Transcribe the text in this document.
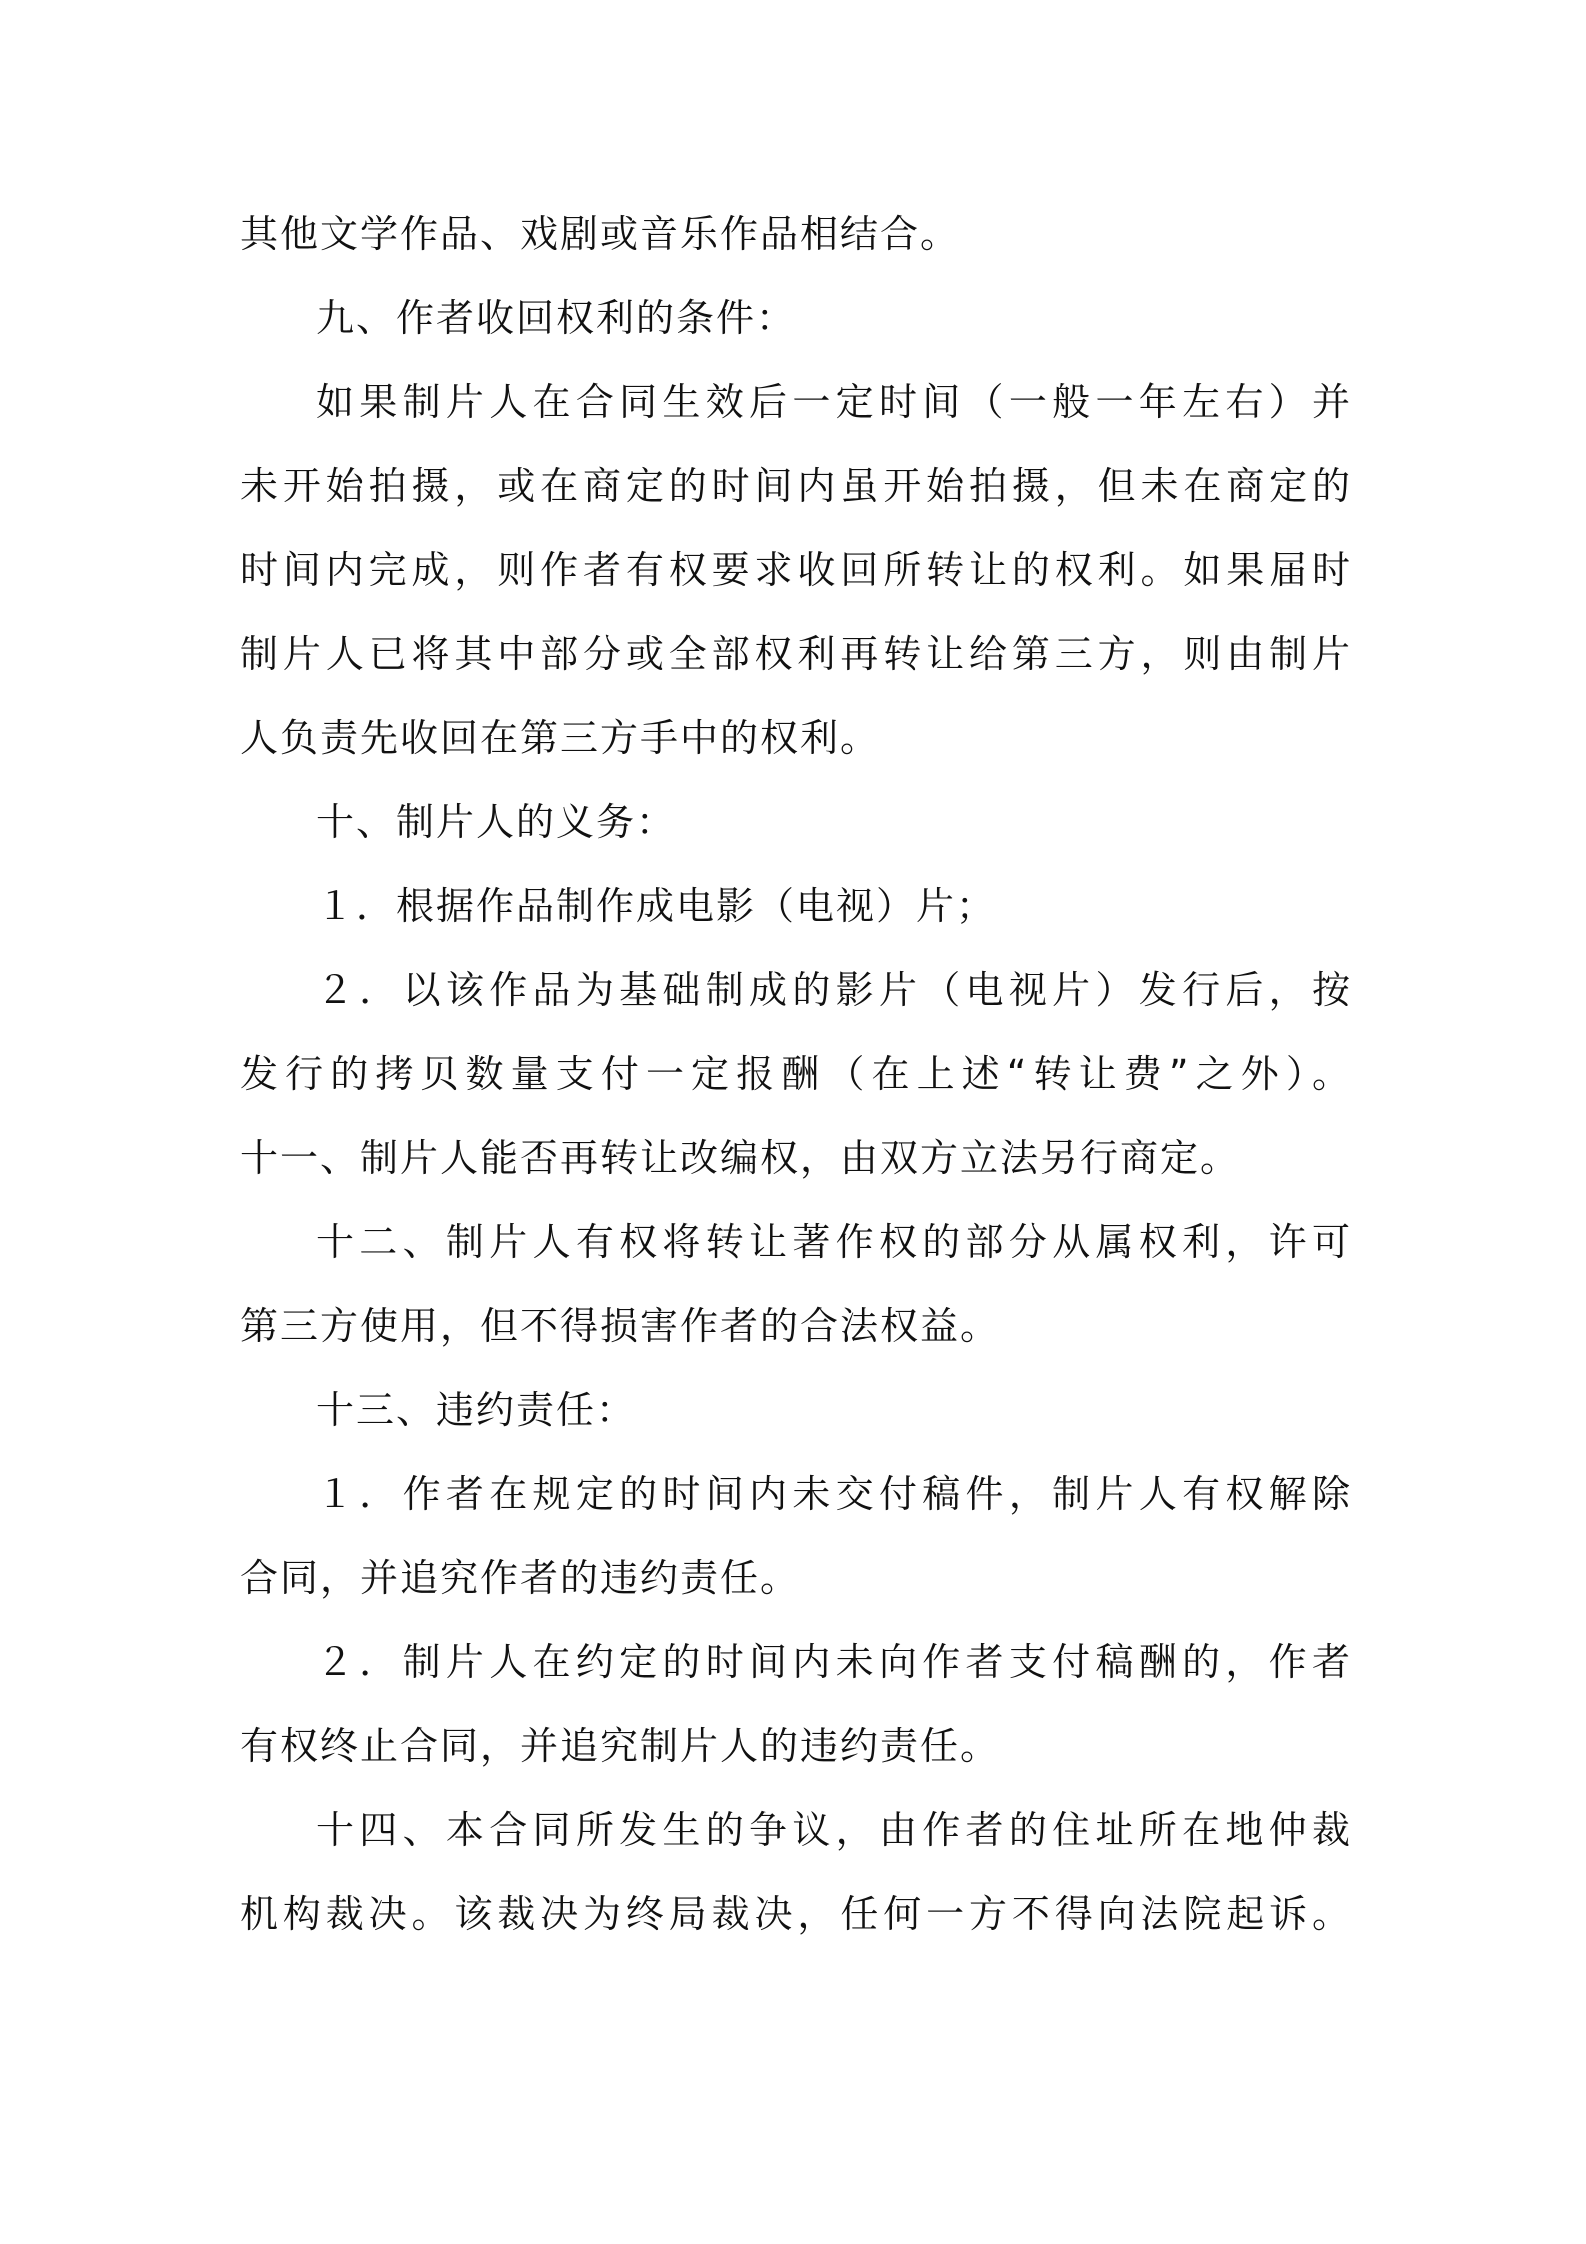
其他文学作品、戏剧或音乐作品相结合。
九、作者收回权利的条件：
如果制片人在合同生效后一定时间（一般一年左右）并
未开始拍摄，或在商定的时间内虽开始拍摄，但未在商定的
时间内完成，则作者有权要求收回所转让的权利。如果届时
制片人已将其中部分或全部权利再转让给第三方，则由制片
人负责先收回在第三方手中的权利。
十、制片人的义务：
１．根据作品制作成电影（电视）片；
２．以该作品为基础制成的影片（电视片）发行后，按
发行的拷贝数量支付一定报酬（在上述“转让费”之外）。
十一、制片人能否再转让改编权，由双方立法另行商定。
十二、制片人有权将转让著作权的部分从属权利，许可
第三方使用，但不得损害作者的合法权益。
十三、违约责任：
１．作者在规定的时间内未交付稿件，制片人有权解除
合同，并追究作者的违约责任。
２．制片人在约定的时间内未向作者支付稿酬的，作者
有权终止合同，并追究制片人的违约责任。
十四、本合同所发生的争议，由作者的住址所在地仲裁
机构裁决。该裁决为终局裁决，任何一方不得向法院起诉。
